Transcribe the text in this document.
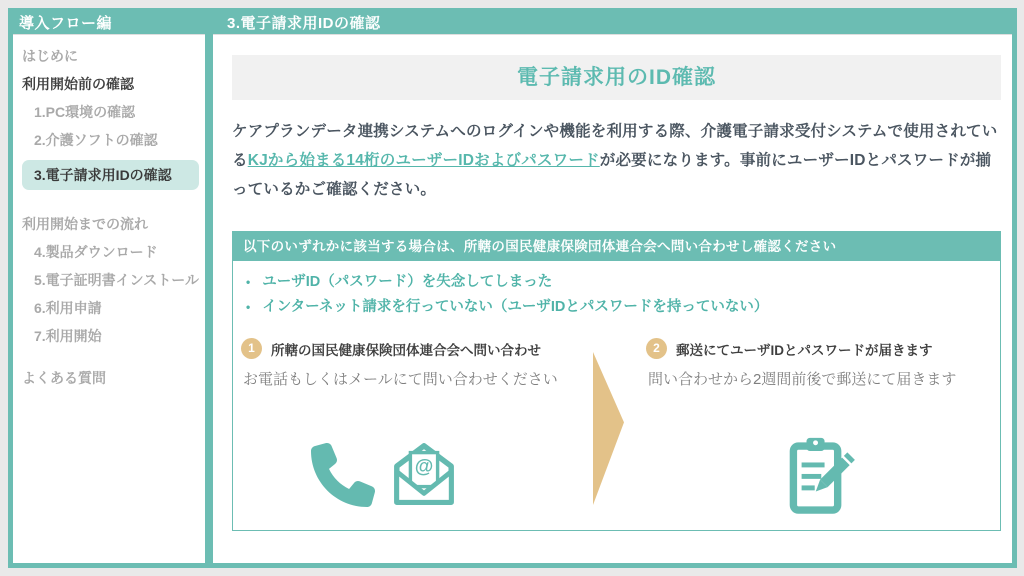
導入フロー編	3.電子請求用IDの確認
はじめに
利用開始前の確認
1.PC環境の確認
2.介護ソフトの確認
3.電子請求用IDの確認
利用開始までの流れ
4.製品ダウンロード
5.電子証明書インストール
6.利用申請
7.利用開始
よくある質問
電子請求用のID確認
ケアプランデータ連携システムへのログインや機能を利用する際、介護電子請求受付システムで使用されているKJから始まる14桁のユーザーIDおよびパスワードが必要になります。事前にユーザーIDとパスワードが揃っているかご確認ください。
以下のいずれかに該当する場合は、所轄の国民健康保険団体連合会へ問い合わせし確認ください
• ユーザID（パスワード）を失念してしまった
• インターネット請求を行っていない（ユーザIDとパスワードを持っていない）
1	所轄の国民健康保険団体連合会へ問い合わせ
お電話もしくはメールにて問い合わせください
@
2	郵送にてユーザIDとパスワードが届きます
問い合わせから2週間前後で郵送にて届きます
